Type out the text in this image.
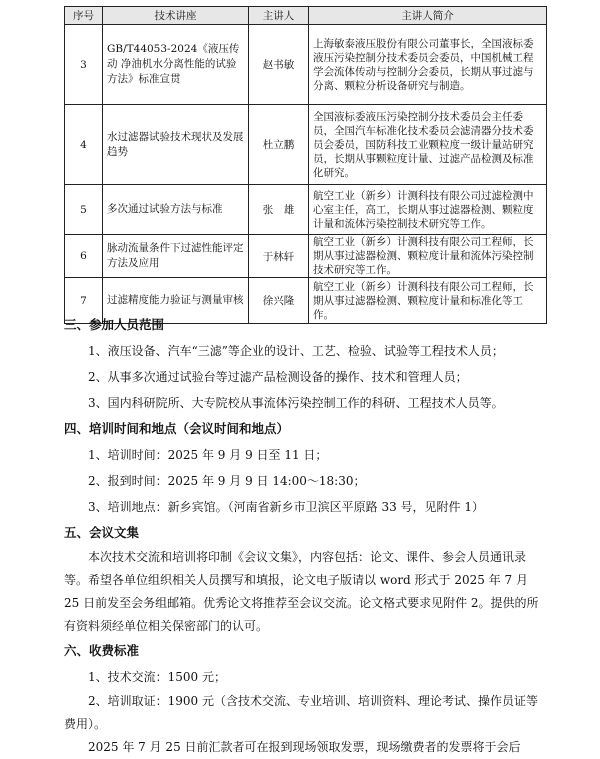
序号	技术讲座	主讲人	主讲人简介
3	GB/T44053-2024《液压传动 净油机水分离性能的试验方法》标准宣贯	赵书敏	上海敏泰液压股份有限公司董事长，全国液标委液压污染控制分技术委员会委员，中国机械工程学会流体传动与控制分会委员，长期从事过滤与分离、颗粒分析设备研究与制造。
4	水过滤器试验技术现状及发展趋势	杜立鹏	全国液标委液压污染控制分技术委员会主任委员，全国汽车标准化技术委员会滤清器分技术委员会委员，国防科技工业颗粒度一级计量站研究员，长期从事颗粒度计量、过滤产品检测及标准化研究。
5	多次通过试验方法与标准	张　雄	航空工业（新乡）计测科技有限公司过滤检测中心室主任，高工，长期从事过滤器检测、颗粒度计量和流体污染控制技术研究等工作。
6	脉动流量条件下过滤性能评定方法及应用	于林轩	航空工业（新乡）计测科技有限公司工程师，长期从事过滤器检测、颗粒度计量和流体污染控制技术研究等工作。
7	过滤精度能力验证与测量审核	徐兴隆	航空工业（新乡）计测科技有限公司工程师，长期从事过滤器检测、颗粒度计量和标准化等工作。
三、参加人员范围
1、液压设备、汽车“三滤”等企业的设计、工艺、检验、试验等工程技术人员；
2、从事多次通过试验台等过滤产品检测设备的操作、技术和管理人员；
3、国内科研院所、大专院校从事流体污染控制工作的科研、工程技术人员等。
四、培训时间和地点（会议时间和地点）
1、培训时间：2025 年 9 月 9 日至 11 日；
2、报到时间：2025 年 9 月 9 日 14:00～18:30；
3、培训地点：新乡宾馆。（河南省新乡市卫滨区平原路 33 号，见附件 1）
五、会议文集
本次技术交流和培训将印制《会议文集》，内容包括：论文、课件、参会人员通讯录等。希望各单位组织相关人员撰写和填报，论文电子版请以 word 形式于 2025 年 7 月 25 日前发至会务组邮箱。优秀论文将推荐至会议交流。论文格式要求见附件 2。提供的所有资料须经单位相关保密部门的认可。
六、收费标准
1、技术交流：1500 元；
2、培训取证：1900 元（含技术交流、专业培训、培训资料、理论考试、操作员证等费用）。
2025 年 7 月 25 日前汇款者可在报到现场领取发票，现场缴费者的发票将于会后
